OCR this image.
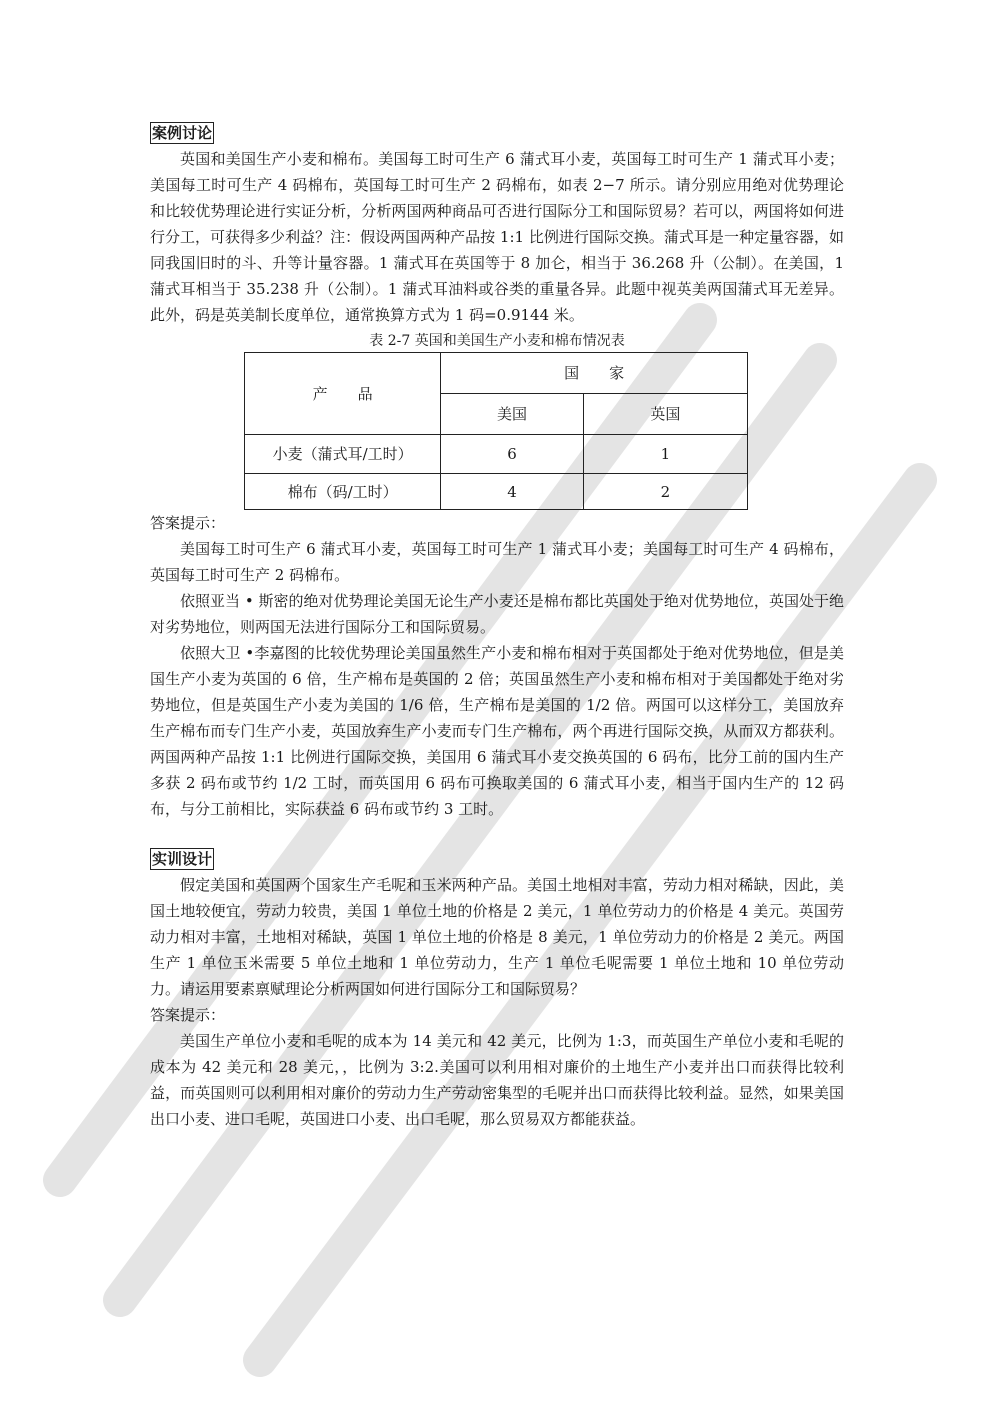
案例讨论

英国和美国生产小麦和棉布。美国每工时可生产 6 蒲式耳小麦，英国每工时可生产 1 蒲式耳小麦；美国每工时可生产 4 码棉布，英国每工时可生产 2 码棉布，如表 2−7 所示。请分别应用绝对优势理论和比较优势理论进行实证分析，分析两国两种商品可否进行国际分工和国际贸易？若可以，两国将如何进行分工，可获得多少利益？注：假设两国两种产品按 1:1 比例进行国际交换。蒲式耳是一种定量容器，如同我国旧时的斗、升等计量容器。1 蒲式耳在英国等于 8 加仑，相当于 36.268 升（公制）。在美国，1 蒲式耳相当于 35.238 升（公制）。1 蒲式耳油料或谷类的重量各异。此题中视英美两国蒲式耳无差异。此外，码是英美制长度单位，通常换算方式为 1 码=0.9144 米。

表 2-7 英国和美国生产小麦和棉布情况表
产　　品	国　　家	
	美国	英国
小麦（蒲式耳/工时）	6	1
棉布（码/工时）	4	2

答案提示：

美国每工时可生产 6 蒲式耳小麦，英国每工时可生产 1 蒲式耳小麦；美国每工时可生产 4 码棉布，英国每工时可生产 2 码棉布。

依照亚当 • 斯密的绝对优势理论美国无论生产小麦还是棉布都比英国处于绝对优势地位，英国处于绝对劣势地位，则两国无法进行国际分工和国际贸易。

依照大卫 •李嘉图的比较优势理论美国虽然生产小麦和棉布相对于英国都处于绝对优势地位，但是美国生产小麦为英国的 6 倍，生产棉布是英国的 2 倍；英国虽然生产小麦和棉布相对于美国都处于绝对劣势地位，但是英国生产小麦为美国的 1/6 倍，生产棉布是美国的 1/2 倍。两国可以这样分工，美国放弃生产棉布而专门生产小麦，英国放弃生产小麦而专门生产棉布，两个再进行国际交换，从而双方都获利。两国两种产品按 1:1 比例进行国际交换，美国用 6 蒲式耳小麦交换英国的 6 码布，比分工前的国内生产多获 2 码布或节约 1/2 工时，而英国用 6 码布可换取美国的 6 蒲式耳小麦，相当于国内生产的 12 码布，与分工前相比，实际获益 6 码布或节约 3 工时。

实训设计

假定美国和英国两个国家生产毛呢和玉米两种产品。美国土地相对丰富，劳动力相对稀缺，因此，美国土地较便宜，劳动力较贵，美国 1 单位土地的价格是 2 美元，1 单位劳动力的价格是 4 美元。英国劳动力相对丰富，土地相对稀缺，英国 1 单位土地的价格是 8 美元，1 单位劳动力的价格是 2 美元。两国生产 1 单位玉米需要 5 单位土地和 1 单位劳动力，生产 1 单位毛呢需要 1 单位土地和 10 单位劳动力。请运用要素禀赋理论分析两国如何进行国际分工和国际贸易？

答案提示：

美国生产单位小麦和毛呢的成本为 14 美元和 42 美元，比例为 1:3，而英国生产单位小麦和毛呢的成本为 42 美元和 28 美元，，比例为 3:2.美国可以利用相对廉价的土地生产小麦并出口而获得比较利益，而英国则可以利用相对廉价的劳动力生产劳动密集型的毛呢并出口而获得比较利益。显然，如果美国出口小麦、进口毛呢，英国进口小麦、出口毛呢，那么贸易双方都能获益。
